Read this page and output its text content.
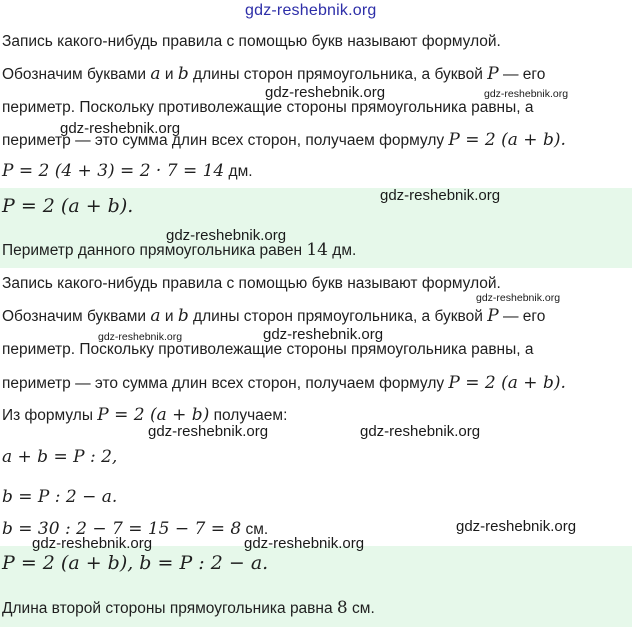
Запись какого-нибудь правила с помощью букв называют формулой.
Обозначим буквами a и b длины сторон прямоугольника, а буквой P — его
периметр. Поскольку противолежащие стороны прямоугольника равны, а
периметр — это сумма длин всех сторон, получаем формулу P = 2 (a + b).
P = 2 (4 + 3) = 2 · 7 = 14 дм.
P = 2 (a + b).
Периметр данного прямоугольника равен 14 дм.
Запись какого-нибудь правила с помощью букв называют формулой.
Обозначим буквами a и b длины сторон прямоугольника, а буквой P — его
периметр. Поскольку противолежащие стороны прямоугольника равны, а
периметр — это сумма длин всех сторон, получаем формулу P = 2 (a + b).
Из формулы P = 2 (a + b) получаем:
a + b = P : 2,
b = P : 2 − a.
b = 30 : 2 − 7 = 15 − 7 = 8 см.
P = 2 (a + b), b = P : 2 − a.
Длина второй стороны прямоугольника равна 8 см.
gdz-reshebnik.org
gdz-reshebnik.org	gdz-reshebnik.org
gdz-reshebnik.org
gdz-reshebnik.org
gdz-reshebnik.org
gdz-reshebnik.org
gdz-reshebnik.org	gdz-reshebnik.org
gdz-reshebnik.org	gdz-reshebnik.org
gdz-reshebnik.org
gdz-reshebnik.org	gdz-reshebnik.org
